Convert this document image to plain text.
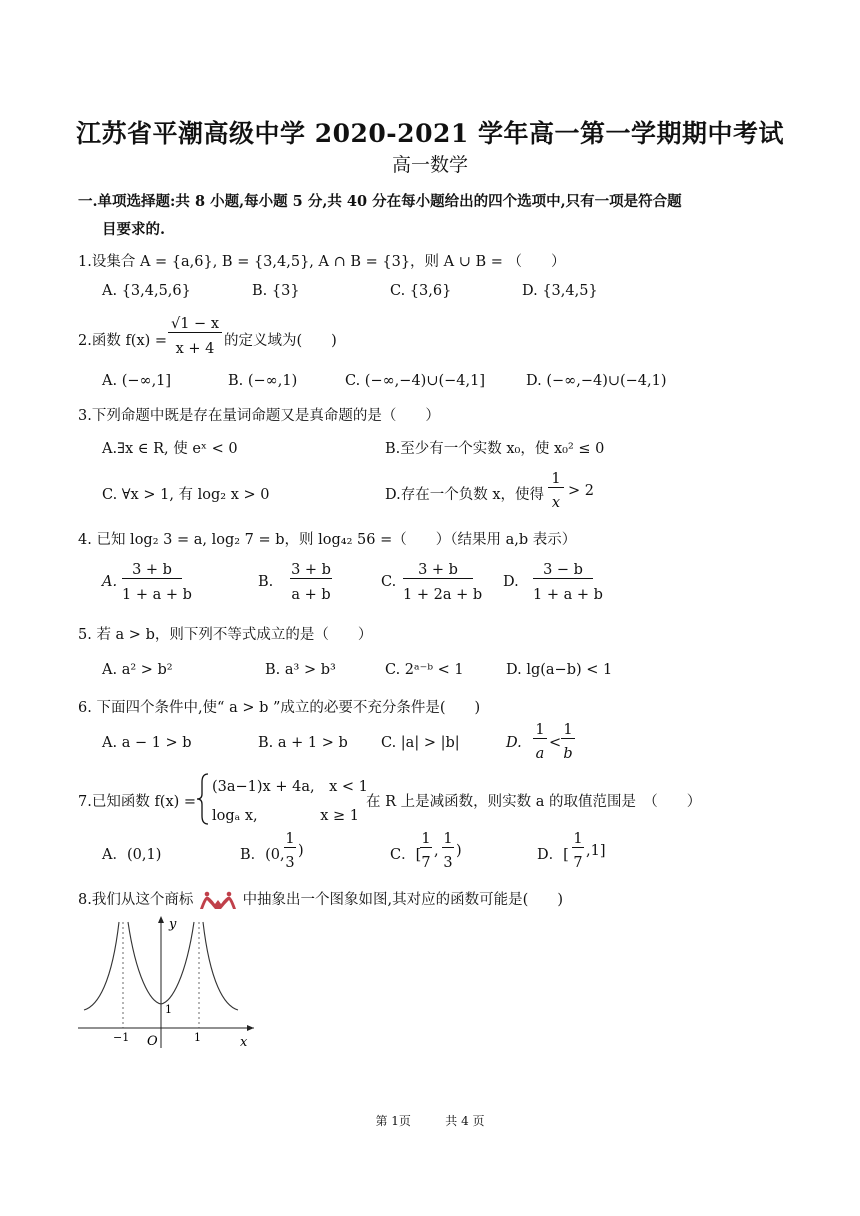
江苏省平潮高级中学 2020-2021 学年高一第一学期期中考试
高一数学
一.单项选择题:共 8 小题,每小题 5 分,共 40 分在每小题给出的四个选项中,只有一项是符合题
目要求的.
1.设集合 A = {a,6}, B = {3,4,5}, A ∩ B = {3}，则 A ∪ B = （　　）
A. {3,4,5,6}	B. {3}	C. {3,6}	D. {3,4,5}
2.函数 f(x) =
√1 − x
x + 4 的定义域为(　　)
A. (−∞,1]	B. (−∞,1)	C. (−∞,−4)∪(−4,1]	D. (−∞,−4)∪(−4,1)
3.下列命题中既是存在量词命题又是真命题的是（　　）
A.∃x ∈ R, 使 eˣ < 0	B.至少有一个实数 x₀，使 x₀² ≤ 0
C. ∀x > 1, 有 log₂ x > 0	D.存在一个负数 x，使得
1
x
> 2
4. 已知 log₂ 3 = a, log₂ 7 = b，则 log₄₂ 56 =（　　）（结果用 a,b 表示）
A.
3 + b
1 + a + b
B.
3 + b
a + b
C.
3 + b
1 + 2a + b
D.
3 − b
1 + a + b
5. 若 a > b，则下列不等式成立的是（　　）
A. a² > b²	B. a³ > b³	C. 2ᵃ⁻ᵇ < 1	D. lg(a−b) < 1
6. 下面四个条件中,使“ a > b ”成立的必要不充分条件是(　　)
A. a − 1 > b	B. a + 1 > b C. |a| > |b|	D.
1
a
<
1
b
7.已知函数 f(x) =
(3a−1)x + 4a,　x < 1
logₐ x,　　　　 x ≥ 1
在 R 上是减函数，则实数 a 的取值范围是　（　　）
A．(0,1)	B．(0,
1
3
)	C．[
1
7
,
1
3
)	D．[
1
7
,1]
8.我们从这个商标	中抽象出一个图象如图,其对应的函数可能是(　　)
y
x
O
−1	1
1
第 1页	共 4 页
